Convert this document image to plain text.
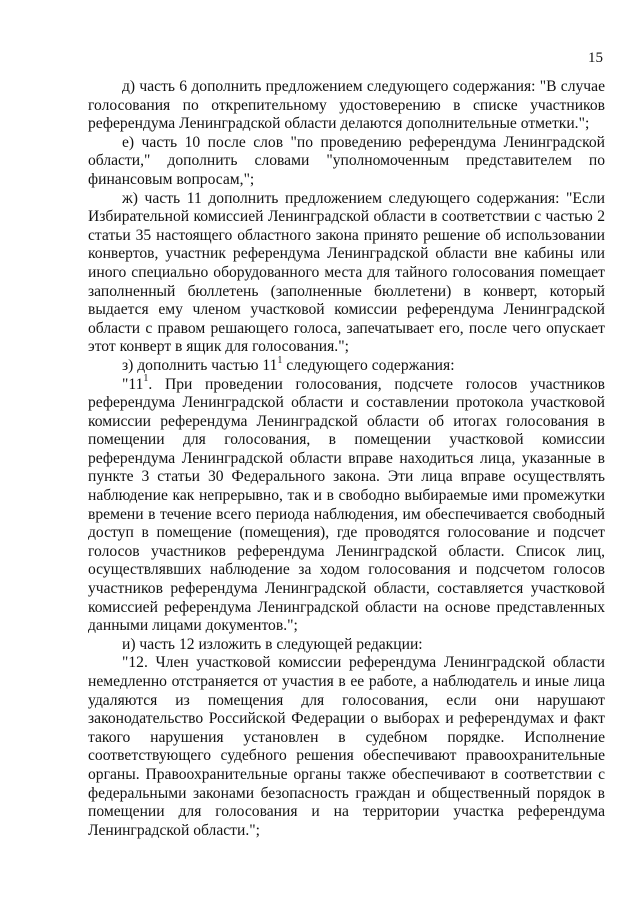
15

д) часть 6 дополнить предложением следующего содержания: "В случае голосования по открепительному удостоверению в списке участников референдума Ленинградской области делаются дополнительные отметки.";

е) часть 10 после слов "по проведению референдума Ленинградской области," дополнить словами "уполномоченным представителем по финансовым вопросам,";

ж) часть 11 дополнить предложением следующего содержания: "Если Избирательной комиссией Ленинградской области в соответствии с частью 2 статьи 35 настоящего областного закона принято решение об использовании конвертов, участник референдума Ленинградской области вне кабины или иного специально оборудованного места для тайного голосования помещает заполненный бюллетень (заполненные бюллетени) в конверт, который выдается ему членом участковой комиссии референдума Ленинградской области с правом решающего голоса, запечатывает его, после чего опускает этот конверт в ящик для голосования.";

з) дополнить частью $11^1$ следующего содержания:

"$11^1$. При проведении голосования, подсчете голосов участников референдума Ленинградской области и составлении протокола участковой комиссии референдума Ленинградской области об итогах голосования в помещении для голосования, в помещении участковой комиссии референдума Ленинградской области вправе находиться лица, указанные в пункте 3 статьи 30 Федерального закона. Эти лица вправе осуществлять наблюдение как непрерывно, так и в свободно выбираемые ими промежутки времени в течение всего периода наблюдения, им обеспечивается свободный доступ в помещение (помещения), где проводятся голосование и подсчет голосов участников референдума Ленинградской области. Список лиц, осуществлявших наблюдение за ходом голосования и подсчетом голосов участников референдума Ленинградской области, составляется участковой комиссией референдума Ленинградской области на основе представленных данными лицами документов.";

и) часть 12 изложить в следующей редакции:

"12. Член участковой комиссии референдума Ленинградской области немедленно отстраняется от участия в ее работе, а наблюдатель и иные лица удаляются из помещения для голосования, если они нарушают законодательство Российской Федерации о выборах и референдумах и факт такого нарушения установлен в судебном порядке. Исполнение соответствующего судебного решения обеспечивают правоохранительные органы. Правоохранительные органы также обеспечивают в соответствии с федеральными законами безопасность граждан и общественный порядок в помещении для голосования и на территории участка референдума Ленинградской области.";
